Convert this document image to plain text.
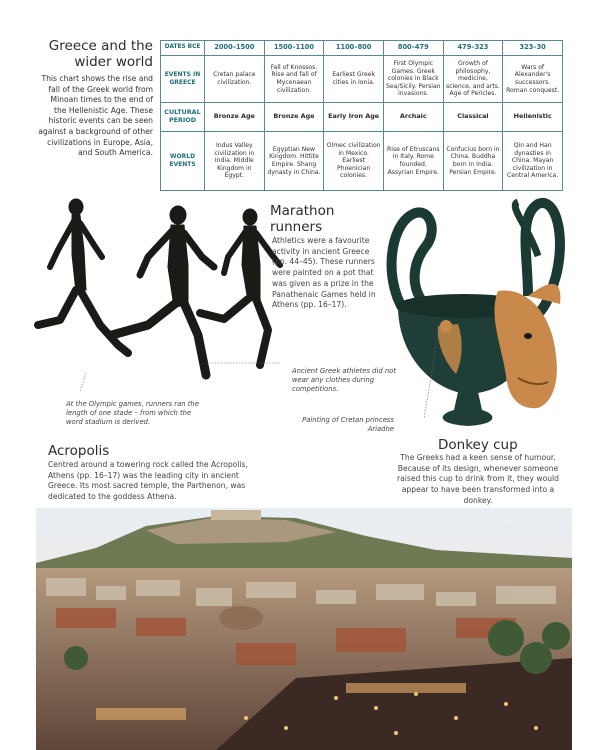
Greece and the
wider world

This chart shows the rise and fall of the Greek world from Minoan times to the end of the Hellenistic Age. These historic events can be seen against a background of other civilizations in Europe, Asia, and South America.

DATES BCE	2000–1500	1500–1100	1100–800	800–479	479–323	323–30
EVENTS IN GREECE	Cretan palace civilization.	Fall of Knossos. Rise and fall of Mycenaean civilization.	Earliest Greek cities in Ionia.	First Olympic Games. Greek colonies in Black Sea/Sicily. Persian invasions.	Growth of philosophy, medicine, science, and arts. Age of Pericles.	Wars of Alexander's successors. Roman conquest.
CULTURAL PERIOD	Bronze Age	Bronze Age	Early Iron Age	Archaic	Classical	Hellenistic
WORLD EVENTS	Indus Valley civilization in India. Middle Kingdom in Egypt.	Egyptian New Kingdom. Hittite Empire. Shang dynasty in China.	Olmec civilization in Mexico. Earliest Phoenician colonies.	Rise of Etruscans in Italy. Rome founded. Assyrian Empire.	Confucius born in China. Buddha born in India. Persian Empire.	Qin and Han dynasties in China. Mayan civilization in Central America.
Marathon
runners

Athletics were a favourite activity in ancient Greece (pp. 44–45). These runners were painted on a pot that was given as a prize in the Panathenaic Games held in Athens (pp. 16–17).

Ancient Greek athletes did not wear any clothes during competitions.

At the Olympic games, runners ran the length of one stade – from which the word stadium is derived.	Painting of Cretan princess Ariadne

Donkey cup

The Greeks had a keen sense of humour. Because of its design, whenever someone raised this cup to drink from it, they would appear to have been transformed into a donkey.

Acropolis

Centred around a towering rock called the Acropolis, Athens (pp. 16–17) was the leading city in ancient Greece. Its most sacred temple, the Parthenon, was dedicated to the goddess Athena.
